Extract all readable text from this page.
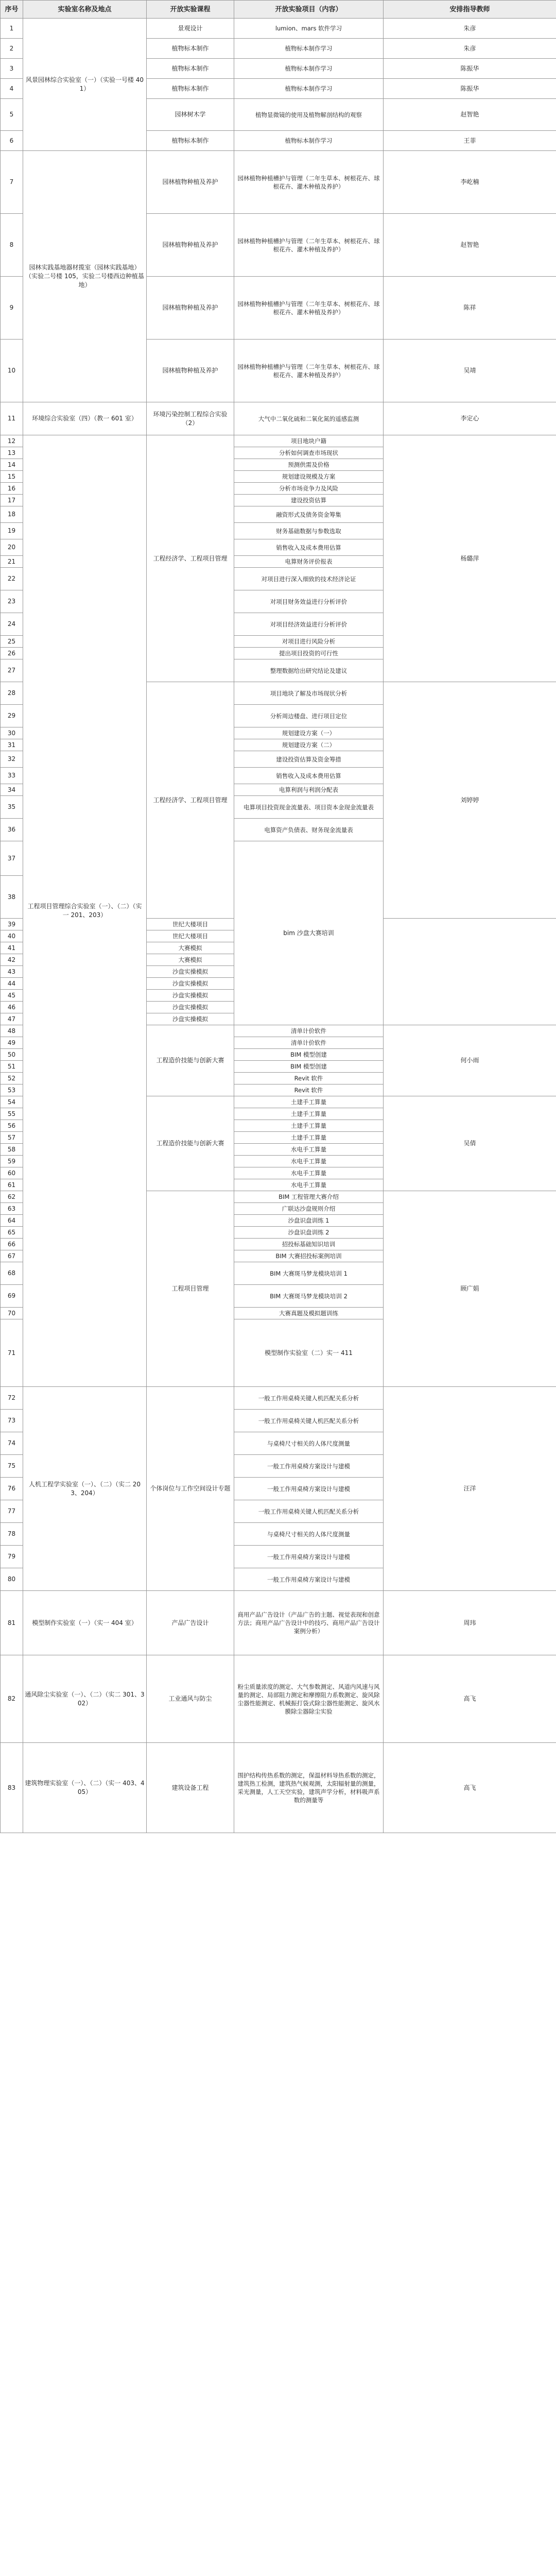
序号	实验室名称及地点	开放实验课程	开放实验项目（内容）	安排指导教师	
1	风景园林综合实验室（一）（实验一号楼 401）	景观设计	lumion、mars 软件学习	朱彦	
2		植物标本制作	植物标本制作学习	朱彦	
3		植物标本制作	植物标本制作学习	陈振华	
4		植物标本制作	植物标本制作学习	陈振华	
5		园林树木学	植物显微镜的使用及植物解剖结构的观察	赵智艳	
6		植物标本制作	植物标本制作学习	王菲	
7	园林实践基地器材揽室（园林实践基地）（实验二号楼 105，实验二号楼西边种植基地）	园林植物种植及养护	园林植物种植槽护与管理（二年生草本、树根花卉、球根花卉、灌木种植及养护）	李屹楠	
8		园林植物种植及养护	园林植物种植槽护与管理（二年生草本、树根花卉、球根花卉、灌木种植及养护）	赵智艳	
9		园林植物种植及养护	园林植物种植槽护与管理（二年生草本、树根花卉、球根花卉、灌木种植及养护）	陈祥	
10		园林植物种植及养护	园林植物种植槽护与管理（二年生草本、树根花卉、球根花卉、灌木种植及养护）	吴靖	
11	环境综合实验室（四）（教一 601 室）	环境污染控制工程综合实验（2）	大气中二氧化硫和二氧化氮的遥感监测	李定心	
12	工程项目管理综合实验室（一）、（二）（实一 201、203）	工程经济学、工程项目管理	项目地块户籍	杨璐萍	
13			分析如何调查市场现状		
14			预测供需及价格		
15			规划建设规模及方案		
16			分析市场竞争力及风险		
17			建设投资估算		
18			融资形式及债务资金筹集		
19			财务基础数据与参数选取		
20			销售收入及成本费用估算		
21			电算财务评价报表		
22			对项目进行深入细致的技术经济论证		
23			对项目财务效益进行分析评价		
24			对项目经济效益进行分析评价		
25			对项目进行风险分析		
26			提出项目投资的可行性		
27			整理数据给出研究结论及建议		
28		工程经济学、工程项目管理	项目地块了解及市场现状分析	刘婷婷	
29			分析周边楼盘、进行项目定位		
30			规划建设方案（一）		
31			规划建设方案（二）		
32			建设投资估算及资金筹措		
33			销售收入及成本费用估算		
34			电算利润与利润分配表		
35			电算项目投资现金流量表、项目资本金现金流量表		
36			电算资产负债表、财务现金流量表		
37			bim 沙盘大赛培训		
38	
39		世纪大楼项目			
40		世纪大楼项目			
41		大赛模拟			
42		大赛模拟			
43		沙盘实操模拟			
44		沙盘实操模拟			
45		沙盘实操模拟			
46		沙盘实操模拟			
47		沙盘实操模拟			
48		工程造价技能与创新大赛	清单计价软件	何小雨	
49			清单计价软件		
50			BIM 模型创建		
51			BIM 模型创建		
52			Revit 软件		
53			Revit 软件		
54		工程造价技能与创新大赛	土建手工算量	吴倩	
55			土建手工算量		
56			土建手工算量		
57			土建手工算量		
58			水电手工算量		
59			水电手工算量		
60			水电手工算量		
61			水电手工算量		
62		工程项目管理	BIM 工程管理大赛介绍	顾广娟	
63			广联达沙盘规则介绍		
64			沙盘识盘训练 1		
65			沙盘识盘训练 2		
66			招投标基础知识培训		
67			BIM 大赛招投标案例培训		
68			BIM 大赛斑马梦龙模块培训 1		
69			BIM 大赛斑马梦龙模块培训 2		
70			大赛真题及模拟题训练		
71			模型制作实验室（二）实一 411			
72	人机工程学实验室（一）、（二）（实二 203、204）	个体岗位与工作空间设计专题	一般工作用桌椅关键人机匹配关系分析	汪洋	
73			一般工作用桌椅关键人机匹配关系分析		
74			与桌椅尺寸相关的人体尺度测量		
75			一般工作用桌椅方案设计与建模		
76			一般工作用桌椅方案设计与建模		
77			一般工作用桌椅关键人机匹配关系分析		
78			与桌椅尺寸相关的人体尺度测量		
79			一般工作用桌椅方案设计与建模		
80			一般工作用桌椅方案设计与建模		
81	模型制作实验室（一）（实一 404 室）	产品广告设计	商用产品广告设计（产品广告的主题、视觉表现和创意方法；商用产品广告设计中的技巧、商用产品广告设计案例分析）	周玮	
82	通风除尘实验室（一）、（二）（实二 301、302）	工业通风与防尘	粉尘质量浓度的测定、大气参数测定、风道内风速与风量的测定、局部阻力测定和摩擦阻力系数测定、旋风除尘器性能测定、机械振打袋式除尘器性能测定、旋风水膜除尘器除尘实验	高飞	
83	建筑物理实验室（一）、（二）（实一 403、405）	建筑设备工程	围护结构传热系数的测定，保温材料导热系数的测定，建筑热工检测，建筑热气候观测，太阳辐射量的测量，采光测量，人工天空实验，建筑声学分析，材料吸声系数的测量等	高飞	
